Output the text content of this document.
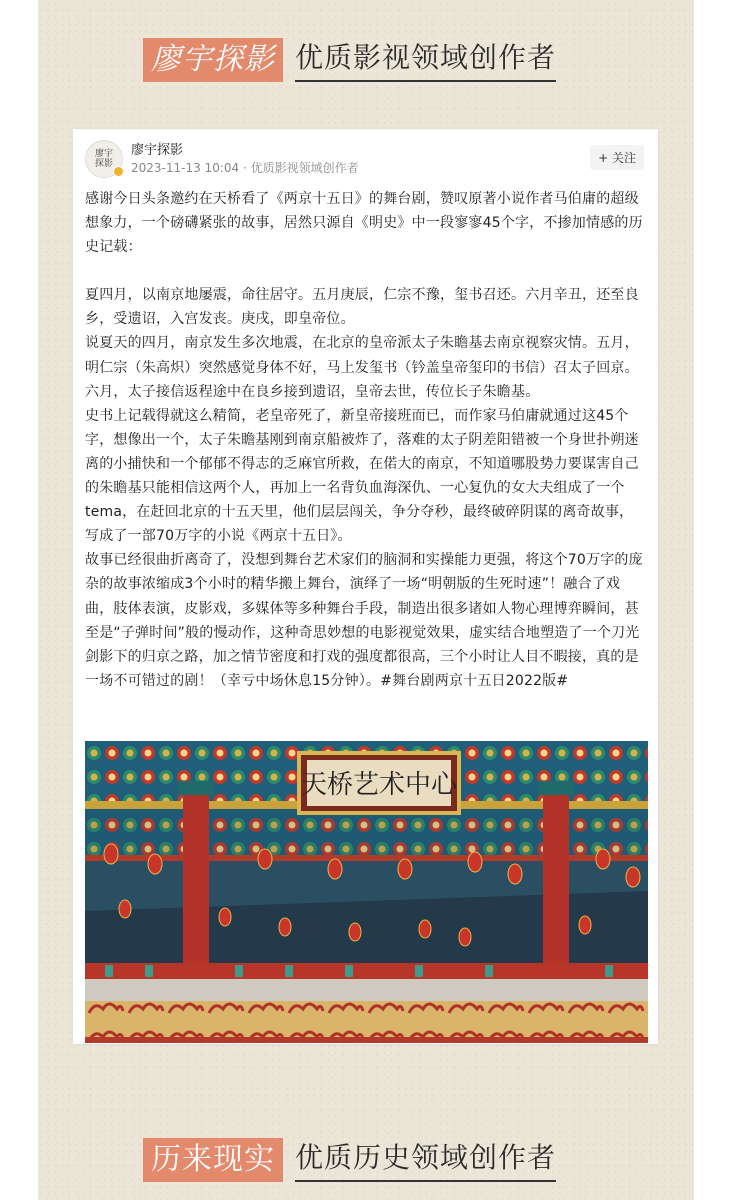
廖宇探影 优质影视领域创作者
廖宇
探影
廖宇探影
2023-11-13 10:04 · 优质影视领域创作者
+ 关注

感谢今日头条邀约在天桥看了《两京十五日》的舞台剧，赞叹原著小说作者马伯庸的超级想象力，一个磅礴紧张的故事，居然只源自《明史》中一段寥寥45个字，不掺加情感的历史记载：

夏四月，以南京地屡震，命往居守。五月庚辰，仁宗不豫，玺书召还。六月辛丑，还至良乡，受遗诏，入宫发丧。庚戌，即皇帝位。

说夏天的四月，南京发生多次地震，在北京的皇帝派太子朱瞻基去南京视察灾情。五月，明仁宗（朱高炽）突然感觉身体不好，马上发玺书（钤盖皇帝玺印的书信）召太子回京。六月，太子接信返程途中在良乡接到遗诏，皇帝去世，传位长子朱瞻基。

史书上记载得就这么精简，老皇帝死了，新皇帝接班而已，而作家马伯庸就通过这45个字，想像出一个，太子朱瞻基刚到南京船被炸了，落难的太子阴差阳错被一个身世扑朔迷离的小捕快和一个郁郁不得志的乏麻官所救，在偌大的南京，不知道哪股势力要谋害自己的朱瞻基只能相信这两个人，再加上一名背负血海深仇、一心复仇的女大夫组成了一个tema，在赶回北京的十五天里，他们层层闯关，争分夺秒，最终破碎阴谋的离奇故事，写成了一部70万字的小说《两京十五日》。

故事已经很曲折离奇了，没想到舞台艺术家们的脑洞和实操能力更强，将这个70万字的庞杂的故事浓缩成3个小时的精华搬上舞台，演绎了一场“明朝版的生死时速”！融合了戏曲，肢体表演，皮影戏，多媒体等多种舞台手段，制造出很多诸如人物心理博弈瞬间，甚至是“子弹时间”般的慢动作，这种奇思妙想的电影视觉效果，虚实结合地塑造了一个刀光剑影下的归京之路，加之情节密度和打戏的强度都很高，三个小时让人目不暇接，真的是一场不可错过的剧！（幸亏中场休息15分钟）。#舞台剧两京十五日2022版#

天桥艺术中心
历来现实 优质历史领域创作者
